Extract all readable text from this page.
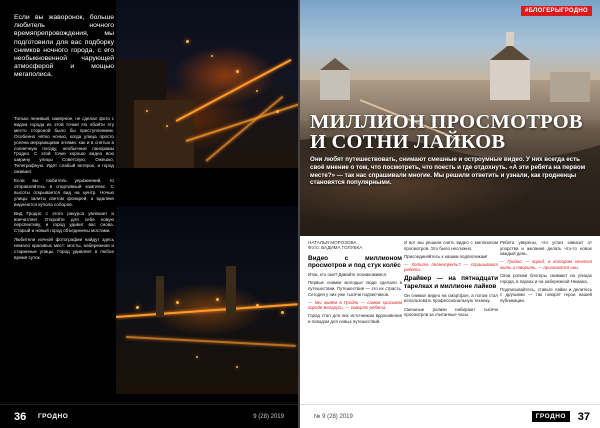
Если вы жаворонок, больше любитель ночного времяпрепровождения, мы подготовили для вас подборку снимков ночного города, с его необыкновенной чарующей атмосферой и мощью мегаполиса.

Только ленивый, наверное, не сделал фото с видом города из этой точки! Но обойти эту место стороной было бы преступлением. Особенно чётко ночью, когда улица просто усеяна мерцающими огнями: как и в снятых в солнечную погоду, необычные панорамы Гродно. С этой точки хорошо видно всю ширину улицы Советскую, Ожешко, Телеграфную. Идёт слабый ветерок, и город оживает.

Если вы любитель упражнений, то отправляйтесь в спортивный комплекс. С высоты открывается вид на центр. Ночью улицы залиты светом фонарей, а вдалеке виднеются купола соборов.

Вид Гродно с этого ракурса увлекает и впечатляет. Откройте для себя новую перспективу, и город удивит вас снова. Старый и новый город объединены мостами.

Любители ночной фотографии найдут здесь немало красивых мест: мосты, набережная и старинные улицы. Город удивляет в любое время суток.

36 ГРОДНО	9 (28) 2019
#БЛОГЕРЫГРОДНО
МИЛЛИОН ПРОСМОТРОВ И СОТНИ ЛАЙКОВ
Они любят путешествовать, снимают смешные и остроумные видео. У них всегда есть своё мнение о том, что посмотреть, что поесть и где отдохнуть. «А эти ребята на первом месте?» — так нас спрашивали многие. Мы решили ответить и узнали, как гродненцы становятся популярными.
НАТАЛЬЯ МОРОЗОВА
Фото: ВАДИМА ГОЛУБКА
Видео с миллионом просмотров и под стук колёс

Итак, кто они? Давайте познакомимся.

Первые снимки молодые люди сделали в путешествии. Путешествия — это их страсть. Сегодня у них уже тысячи подписчиков.

— Мы живём в Гродно — самом красивом городе Беларуси, — говорят ребята.

Город стал для них источником вдохновения и поводом для новых путешествий.

И вот мы решили снять видео с миллионом просмотров. Это было несложно.

Присоединяйтесь к нашим подписчикам!

— Хотите посмотреть? — спрашивают ребята.

Драйвер — на пятнадцати тарелках и миллионе лайков

Он снимал видео на смартфон, а потом стал использовать профессиональную технику.

Смешные ролики набирают тысячи просмотров за считанные часы.

Ребята уверены, что успех зависит от упорства и желания делать что-то новое каждый день.

— Гродно — город, в котором хочется жить и творить, — признаются они.

Свои ролики блогеры снимают на улицах города, в парках и на набережной Немана.

Подписывайтесь, ставьте лайки и делитесь с друзьями — так говорят герои нашей публикации.

№ 9 (28) 2019	ГРОДНО	37
